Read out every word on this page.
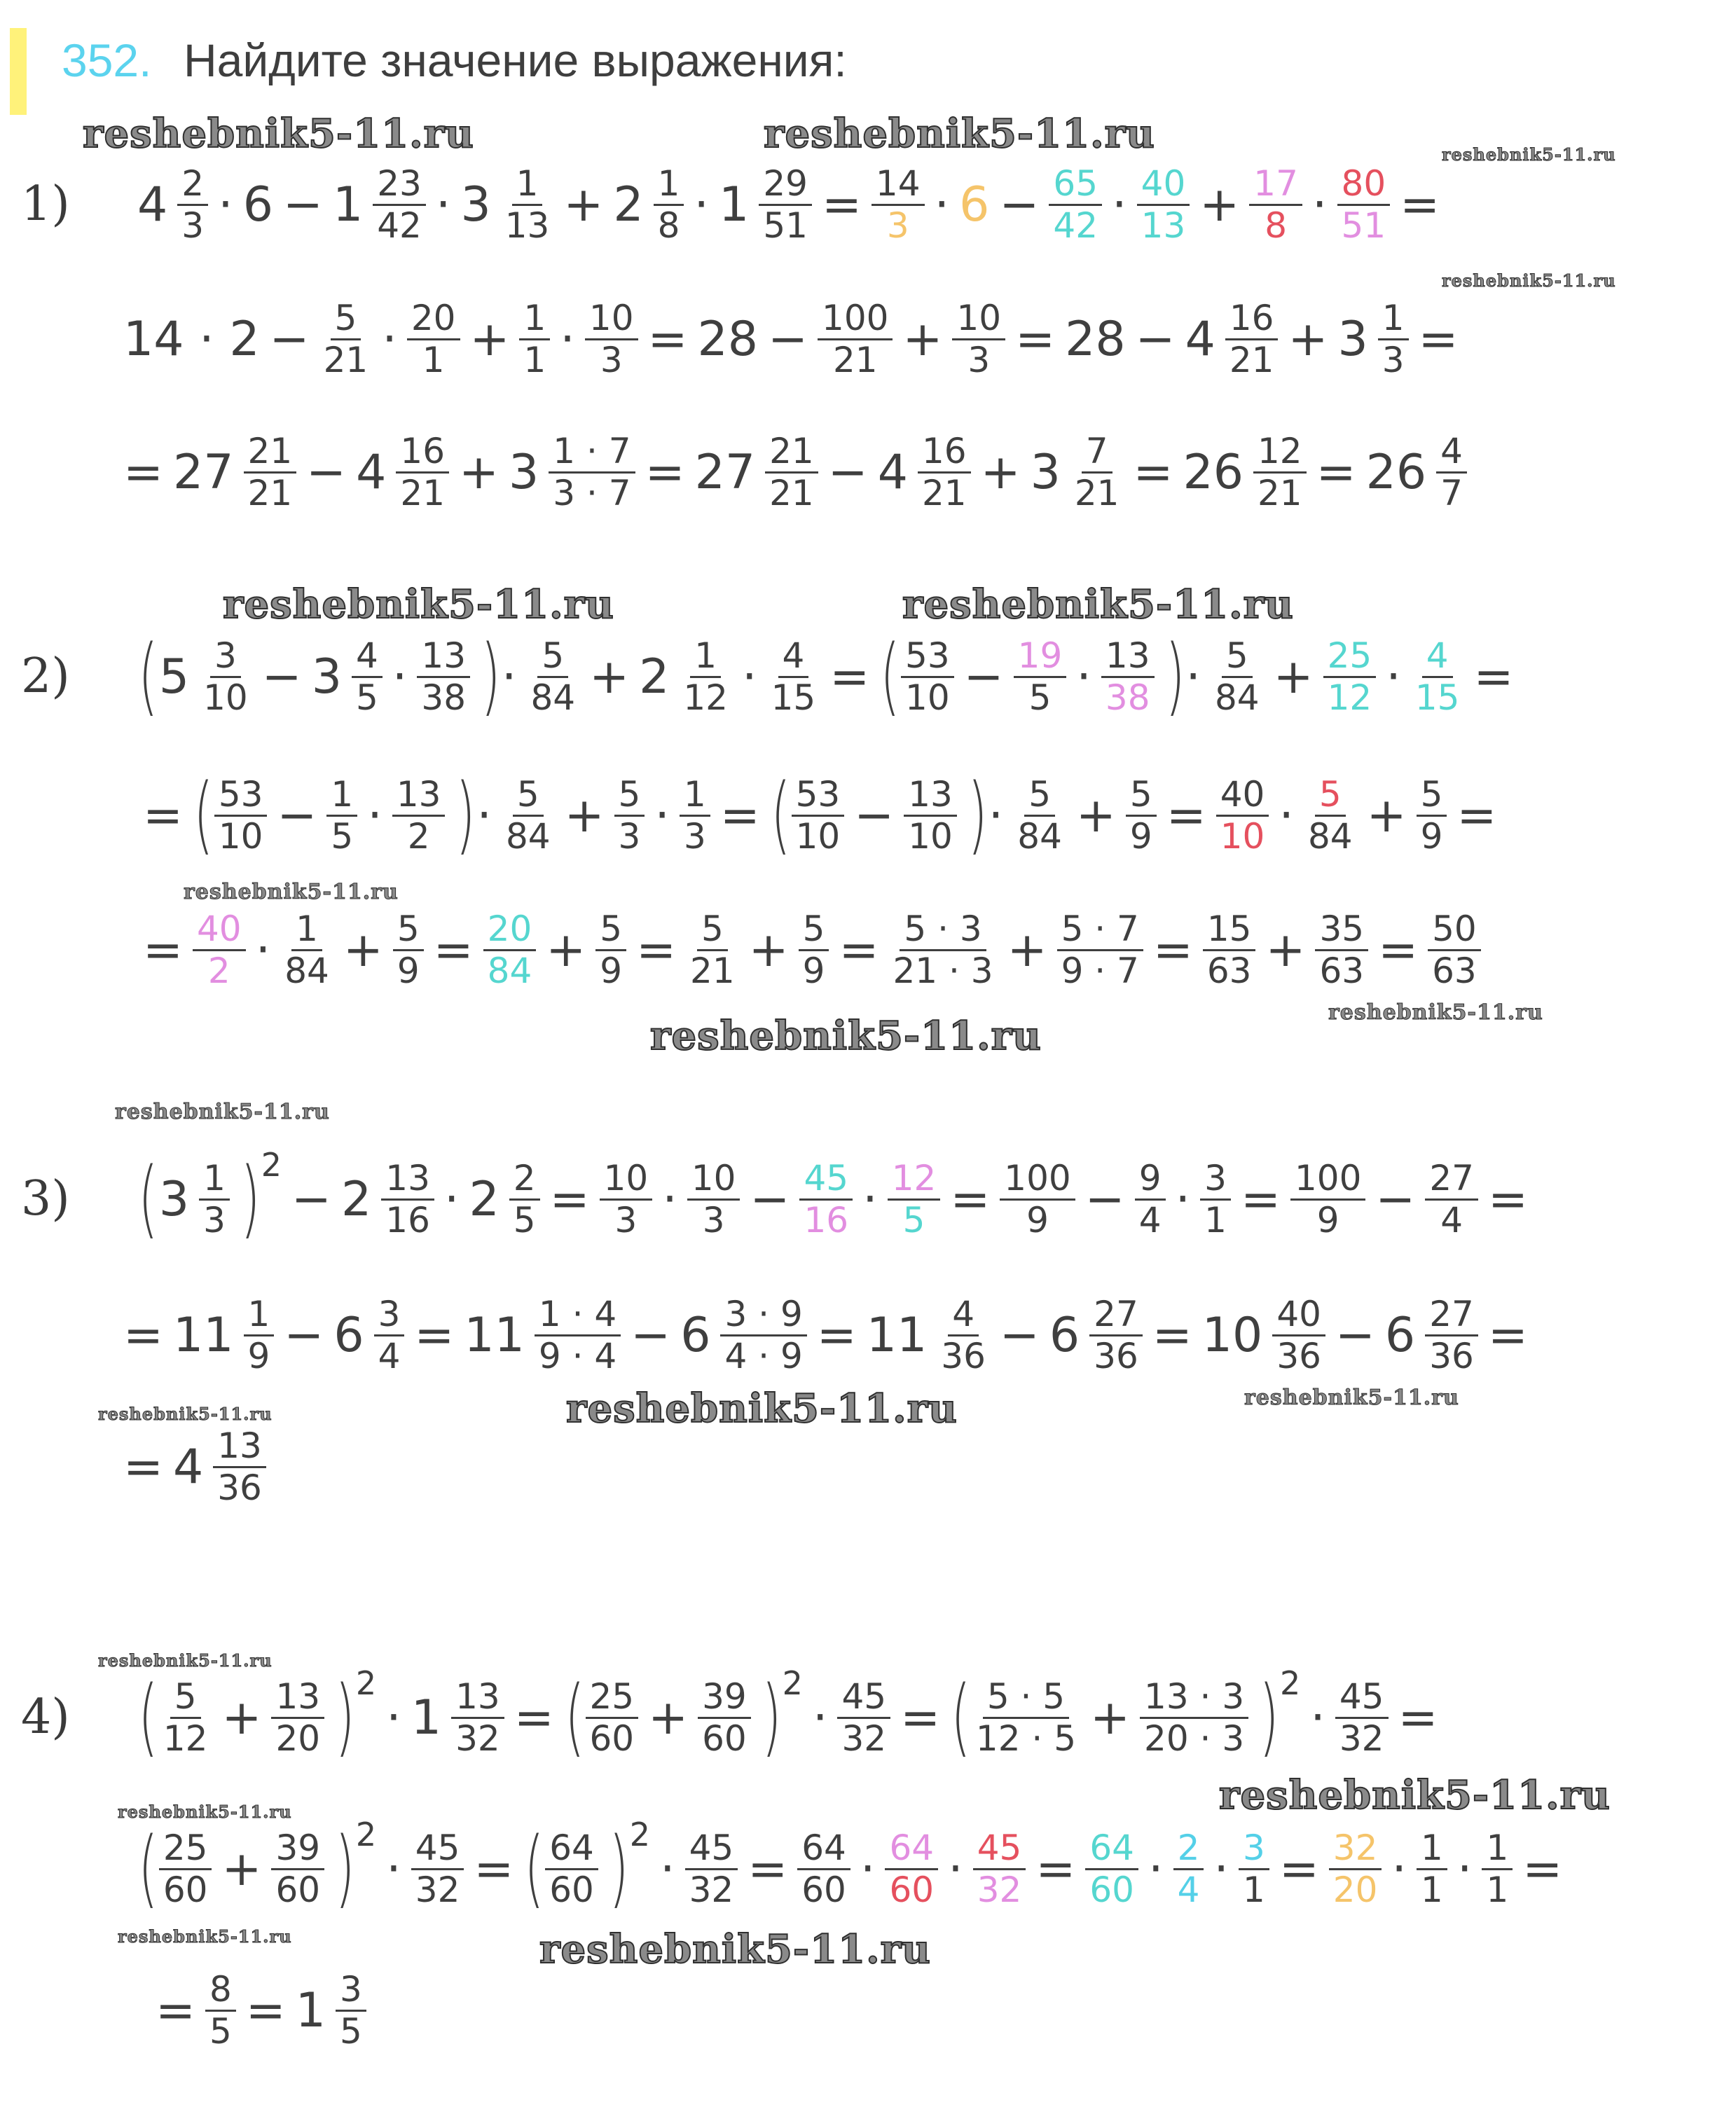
352. Найдите значение выражения:
reshebnik5-11.ru	reshebnik5-11.ru	reshebnik5-11.ru
reshebnik5-11.ru
reshebnik5-11.ru	reshebnik5-11.ru
reshebnik5-11.ru
reshebnik5-11.ru
reshebnik5-11.ru
reshebnik5-11.ru
reshebnik5-11.ru	reshebnik5-11.ru
reshebnik5-11.ru
reshebnik5-11.ru
reshebnik5-11.ru
reshebnik5-11.ru
reshebnik5-11.ru	reshebnik5-11.ru
1)
2)
3)
4)
4 2
3 · 6 − 1 23
42 · 3 1
13 + 2 1
$8 \cdot 1 \frac{29}{51} = \frac{14}{3} \cdot 6 - \frac{65}{42} \cdot 40$
$13 + \frac{17}{8} \cdot \frac{80}{51}$ =
$14 \cdot 2 - \frac{5}{21} \cdot 20$
$1 + \frac{1}{1} \cdot \frac{10}{3} = 28 - \frac{100}{21} + \frac{10}{3} = 28 - 4$ 16
$21 + 3 \frac{1}{3}$ =
= 27 21
21 − 4 16
$21 + 3 \frac{1 \cdot 7}{3 \cdot 7} = 27$ 21
21 − 4 16
$21 + 3 \frac{7}{21} = 26 \frac{12}{21} = 26$ 4
7
( 5 3
10 − 3 4
5 · 13
38 ) · 5
84 + 2 1
$12 \cdot \frac{4}{15}$ = ( 53
$10 - \frac{19}{5} \cdot 13$
38 ) · 5
$84 + \frac{25}{12} \cdot \frac{4}{15}$ =
= ( 53
$10 - \frac{1}{5} \cdot 13$
2 ) · 5
$84 + \frac{5}{3} \cdot \frac{1}{3}$ = ( 53
$10 - \frac{13}{10}$ ) · 5
$84 + \frac{5}{9} = \frac{40}{10} \cdot 5$
$84 + \frac{5}{9}$ =
= $\frac{40}{2} \cdot 1$
$84 + \frac{5}{9} = \frac{20}{84} + \frac{5}{9} = \frac{5}{21} + \frac{5}{9} = \frac{5 \cdot 3}{21 \cdot 3} + \frac{5 \cdot 7}{9 \cdot 7} = \frac{15}{63} + \frac{35}{63} = \frac{50}{63}$
( 3 1
3 ) 2
− 2 13
$16 \cdot 2 \frac{2}{5} = \frac{10}{3} \cdot 10$
$3 - \frac{45}{16} \cdot \frac{12}{5} = \frac{100}{9} - \frac{9}{4} \cdot \frac{3}{1} = \frac{100}{9} - \frac{27}{4}$ =
= 11 1
$9 - 6 \frac{3}{4} = 11$ 1 · 4
$9 \cdot 4 - 6 \frac{3 \cdot 9}{4 \cdot 9} = 11$ 4
$36 - 6 \frac{27}{36} = 10$ 40
$36 - 6 \frac{27}{36}$ =
= 4 13
36
( 5
$12 + \frac{13}{20}$ ) 2
· $1 \frac{13}{32}$ = ( 25
$60 + \frac{39}{60}$ ) 2
· $\frac{45}{32}$ = ( 5 · 5
$12 \cdot 5 + \frac{13 \cdot 3}{20 \cdot 3}$ ) 2
· $\frac{45}{32}$ =
( 25
$60 + \frac{39}{60}$ ) 2
· $\frac{45}{32}$ = ( 64
60 ) 2
· $\frac{45}{32} = \frac{64}{60} \cdot 64$
$60 \cdot \frac{45}{32} = \frac{64}{60} \cdot 2$
$4 \cdot \frac{3}{1} = \frac{32}{20} \cdot 1$
$1 \cdot \frac{1}{1}$ =
= $\frac{8}{5} = 1$ 3
5
